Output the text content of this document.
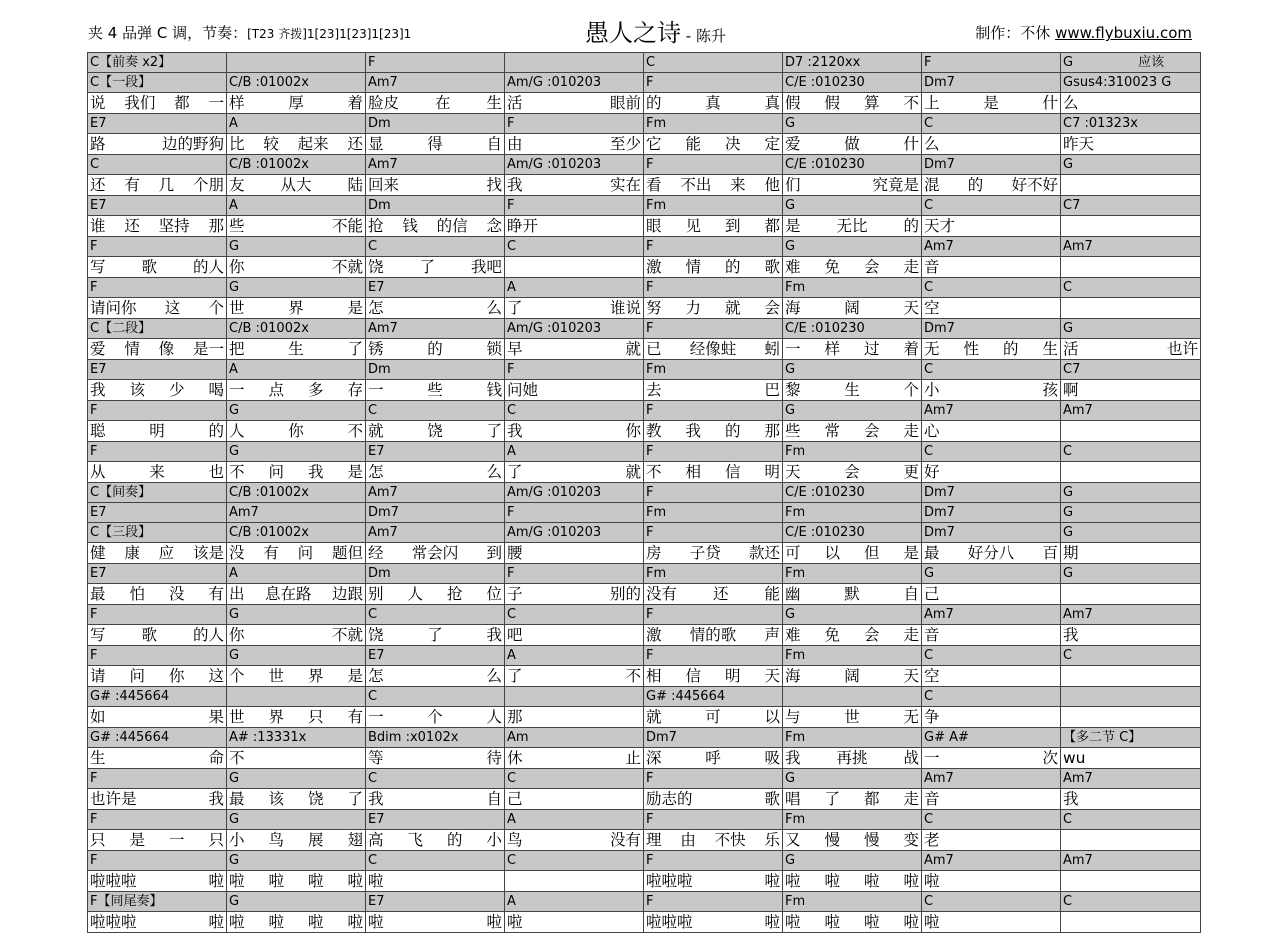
夹 4 品弹 C 调，节奏：[T23 齐拨]1[23]1[23]1[23]1	愚人之诗 - 陈升	制作：不休 www.flybuxiu.com
C【前奏 x2】		F		C	D7 :2120xx	F	G　　　　　应该
C【一段】	C/B :01002x	Am7	Am/G :010203	F	C/E :010230	Dm7	Gsus4:310023 G

说 我们 都 一	样 厚 着	脸皮 在 生	活 眼前	的 真 真	假 假 算 不	上 是 什	么

E7	A	Dm	F	Fm	G	C	C7 :01323x

路 边的野狗	比 较 起来 还	显 得 自	由 至少	它 能 决 定	爱 做 什	么	昨天

C	C/B :01002x	Am7	Am/G :010203	F	C/E :010230	Dm7	G

还 有 几 个朋	友 从大 陆	回来 找	我 实在	看 不出 来 他	们 究竟是	混 的 好不好	

E7	A	Dm	F	Fm	G	C	C7

谁 还 坚持 那	些 不能	抢 钱 的信 念	睁开	眼 见 到 都	是 无比 的	天才	

F	G	C	C	F	G	Am7	Am7

写 歌 的人	你 不就	饶 了 我吧		激 情 的 歌	难 免 会 走	音	

F	G	E7	A	F	Fm	C	C

请问你 这 个	世 界 是	怎 么	了 谁说	努 力 就 会	海 阔 天	空	

C【二段】	C/B :01002x	Am7	Am/G :010203	F	C/E :010230	Dm7	G

爱 情 像 是一	把 生 了	锈 的 锁	早 就	已 经像蛀 蚓	一 样 过 着	无 性 的 生	活 也许

E7	A	Dm	F	Fm	G	C	C7

我 该 少 喝	一 点 多 存	一 些 钱	问她	去 巴	黎 生 个	小 孩	啊

F	G	C	C	F	G	Am7	Am7

聪 明 的	人 你 不	就 饶 了	我 你	教 我 的 那	些 常 会 走	心	

F	G	E7	A	F	Fm	C	C

从 来 也	不 问 我 是	怎 么	了 就	不 相 信 明	天 会 更	好	

C【间奏】	C/B :01002x	Am7	Am/G :010203	F	C/E :010230	Dm7	G
E7	Am7	Dm7	F	Fm	Fm	Dm7	G
C【三段】	C/B :01002x	Am7	Am/G :010203	F	C/E :010230	Dm7	G

健 康 应 该是	没 有 问 题但	经 常会闪 到	腰	房 子贷 款还	可 以 但 是	最 好分八 百	期

E7	A	Dm	F	Fm	Fm	G	G

最 怕 没 有	出 息在路 边跟	别 人 抢 位	子 别的	没有 还 能	幽 默 自	己	

F	G	C	C	F	G	Am7	Am7

写 歌 的人	你 不就	饶 了 我	吧	激 情的歌 声	难 免 会 走	音	我

F	G	E7	A	F	Fm	C	C

请 问 你 这	个 世 界 是	怎 么	了 不	相 信 明 天	海 阔 天	空	

G# :445664		C		G# :445664		C	

如 果	世 界 只 有	一 个 人	那	就 可 以	与 世 无	争	

G# :445664	A# :13331x	Bdim :x0102x	Am	Dm7	Fm	G# A#	【多二节 C】

生 命	不	等 待	休 止	深 呼 吸	我 再挑 战	一 次	wu

F	G	C	C	F	G	Am7	Am7

也许是 我	最 该 饶 了	我 自	己	励志的 歌	唱 了 都 走	音	我

F	G	E7	A	F	Fm	C	C

只 是 一 只	小 鸟 展 翅	高 飞 的 小	鸟 没有	理 由 不快 乐	又 慢 慢 变	老	

F	G	C	C	F	G	Am7	Am7

啦啦啦 啦	啦 啦 啦 啦	啦		啦啦啦 啦	啦 啦 啦 啦	啦	

F【同尾奏】	G	E7	A	F	Fm	C	C

啦啦啦 啦	啦 啦 啦 啦	啦 啦	啦	啦啦啦 啦	啦 啦 啦 啦	啦	
